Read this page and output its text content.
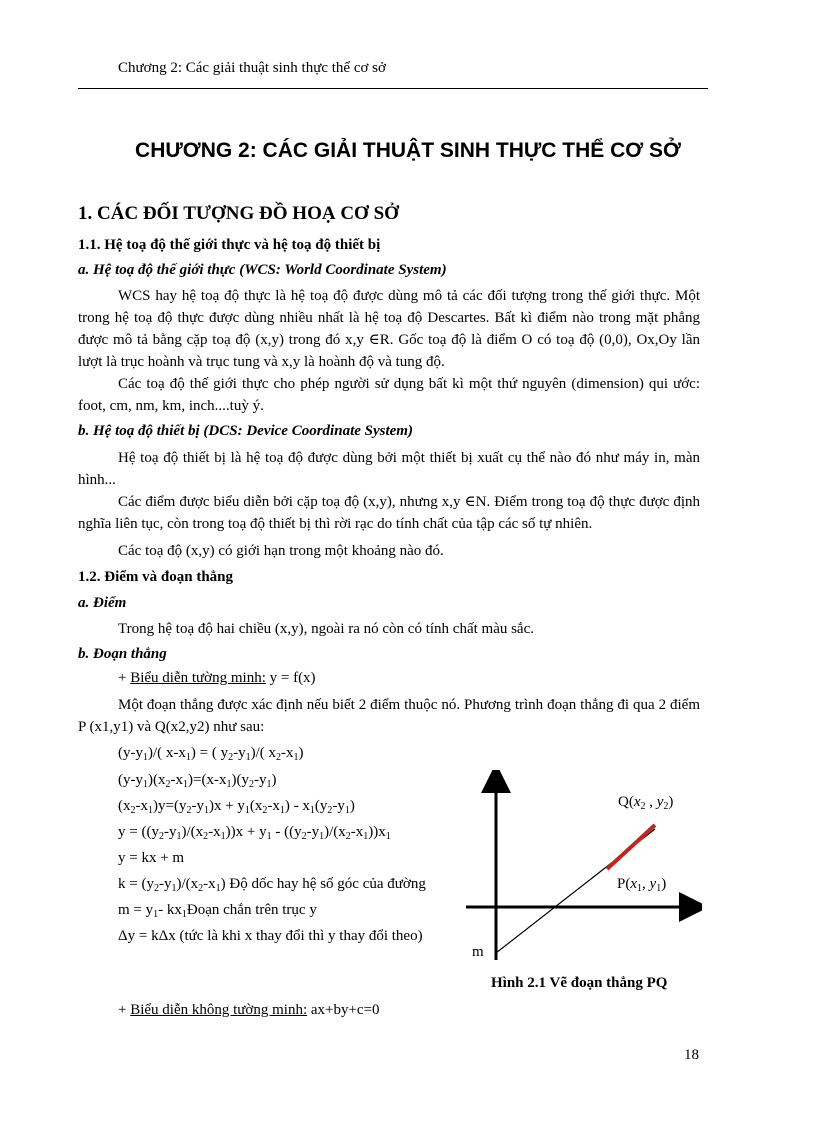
Chương 2: Các giải thuật sinh thực thể cơ sở
CHƯƠNG 2: CÁC GIẢI THUẬT SINH THỰC THỂ CƠ SỞ
1. CÁC ĐỐI TƯỢNG ĐỒ HOẠ CƠ SỞ
1.1. Hệ toạ độ thế giới thực và hệ toạ độ thiết bị
a. Hệ toạ độ thế giới thực (WCS: World Coordinate System)
WCS hay hệ toạ độ thực là hệ toạ độ được dùng mô tả các đối tượng trong thế giới thực. Một trong hệ toạ độ thực được dùng nhiều nhất là hệ toạ độ Descartes. Bất kì điểm nào trong mặt phẳng được mô tả bằng cặp toạ độ (x,y) trong đó x,y ∈R. Gốc toạ độ là điểm O có toạ độ (0,0), Ox,Oy lần lượt là trục hoành và trục tung và x,y là hoành độ và tung độ.
Các toạ độ thế giới thực cho phép người sử dụng bất kì một thứ nguyên (dimension) qui ước: foot, cm, nm, km, inch....tuỳ ý.
b. Hệ toạ độ thiết bị (DCS: Device Coordinate System)
Hệ toạ độ thiết bị là hệ toạ độ được dùng bởi một thiết bị xuất cụ thể nào đó như máy in, màn hình...
Các điểm được biểu diễn bởi cặp toạ độ (x,y), nhưng x,y ∈N. Điểm trong toạ độ thực được định nghĩa liên tục, còn trong toạ độ thiết bị thì rời rạc do tính chất của tập các số tự nhiên.
Các toạ độ (x,y) có giới hạn trong một khoảng nào đó.
1.2. Điểm và đoạn thẳng
a. Điểm
Trong hệ toạ độ hai chiều (x,y), ngoài ra nó còn có tính chất màu sắc.
b. Đoạn thẳng
+ Biểu diễn tường minh: y = f(x)
Một đoạn thẳng được xác định nếu biết 2 điểm thuộc nó. Phương trình đoạn thẳng đi qua 2 điểm P (x1,y1) và Q(x2,y2) như sau:
$(y-y_1)/$( $x-x_1$) = ( $y_2-y_1)/$( $x_2-x_1$)
$(y-y_1)(x_2-x_1)=(x-x_1)(y_2-y_1)$
$(x_2-x_1)y=(y_2-y_1)x + y_1(x_2-x_1) - x_1(y_2-y_1)$
$y = ((y_2-y_1)/(x_2-x_1))x + y_1 - ((y_2-y_1)/(x_2-x_1))x_1$
y = kx + m
$k = (y_2-y_1)/(x_2-x_1)$ Độ dốc hay hệ số góc của đường
$m = y_1-$ $kx_1Đoạn$ chắn trên trục y
Δy = kΔx (tức là khi x thay đổi thì y thay đổi theo)
$Q(x_2$ , $y_2$)
$P(x_1$, $y_1$)
m
Hình 2.1 Vẽ đoạn thẳng PQ
+ Biểu diễn không tường minh: ax+by+c=0
18
